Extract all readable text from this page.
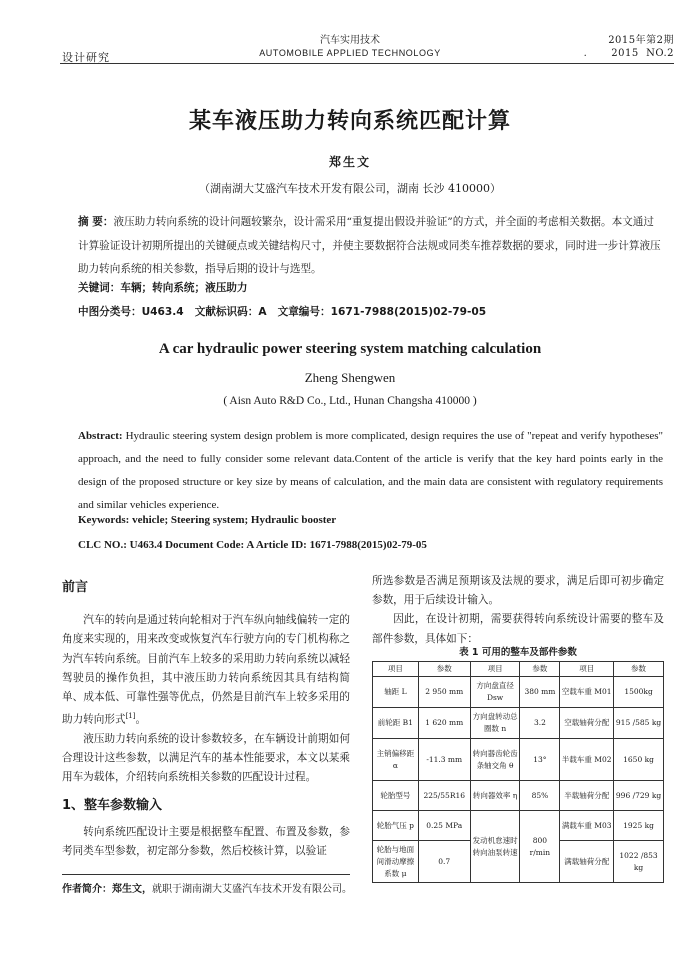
设计研究
汽车实用技术
AUTOMOBILE APPLIED TECHNOLOGY
2015年第2期
. 2015 NO.2
某车液压助力转向系统匹配计算
郑生文
（湖南湖大艾盛汽车技术开发有限公司，湖南 长沙 410000）
摘 要：液压助力转向系统的设计问题较繁杂，设计需采用“重复提出假设并验证”的方式，并全面的考虑相关数据。本文通过计算验证设计初期所提出的关键硬点或关键结构尺寸，并使主要数据符合法规或同类车推荐数据的要求，同时进一步计算液压助力转向系统的相关参数，指导后期的设计与选型。
关键词：车辆；转向系统；液压助力
中图分类号：U463.4 文献标识码：A 文章编号：1671-7988(2015)02-79-05
A car hydraulic power steering system matching calculation
Zheng Shengwen
( Aisn Auto R&D Co., Ltd., Hunan Changsha 410000 )
Abstract: Hydraulic steering system design problem is more complicated, design requires the use of "repeat and verify hypotheses" approach, and the need to fully consider some relevant data.Content of the article is verify that the key hard points early in the design of the proposed structure or key size by means of calculation, and the main data are consistent with regulatory requirements and similar vehicles experience.
Keywords: vehicle; Steering system; Hydraulic booster
CLC NO.: U463.4 Document Code: A Article ID: 1671-7988(2015)02-79-05
前言

汽车的转向是通过转向轮相对于汽车纵向轴线偏转一定的角度来实现的，用来改变或恢复汽车行驶方向的专门机构称之为汽车转向系统。目前汽车上较多的采用助力转向系统以减轻驾驶员的操作负担，其中液压助力转向系统因其具有结构简单、成本低、可靠性强等优点，仍然是目前汽车上较多采用的助力转向形式[1]。

液压助力转向系统的设计参数较多，在车辆设计前期如何合理设计这些参数，以满足汽车的基本性能要求，本文以某乘用车为载体，介绍转向系统相关参数的匹配设计过程。

1、整车参数输入

转向系统匹配设计主要是根据整车配置、布置及参数，参考同类车型参数，初定部分参数，然后校核计算，以验证

所选参数是否满足预期该及法规的要求，满足后即可初步确定参数，用于后续设计输入。

因此，在设计初期，需要获得转向系统设计需要的整车及部件参数，具体如下：

表 1 可用的整车及部件参数
项目	参数	项目	参数	项目	参数
轴距 L	2 950 mm	方向盘直径 Dsw	380 mm	空载车重 M01	1500kg
前轮距 B1	1 620 mm	方向盘转动总圈数 n	3.2	空载轴荷分配	915 /585 kg
主销偏移距 α	-11.3 mm	转向器齿轮齿条轴交角 θ	13°	半载车重 M02	1650 kg
轮胎型号	225/55R16	转向器效率 η	85%	半载轴荷分配	996 /729 kg
轮胎气压 p	0.25 MPa	发动机怠速时转向油泵转速	800 r/min	满载车重 M03	1925 kg
轮胎与地面间滑动摩擦系数 μ	0.7			满载轴荷分配	1022 /853 kg
作者简介：郑生文，就职于湖南湖大艾盛汽车技术开发有限公司。
